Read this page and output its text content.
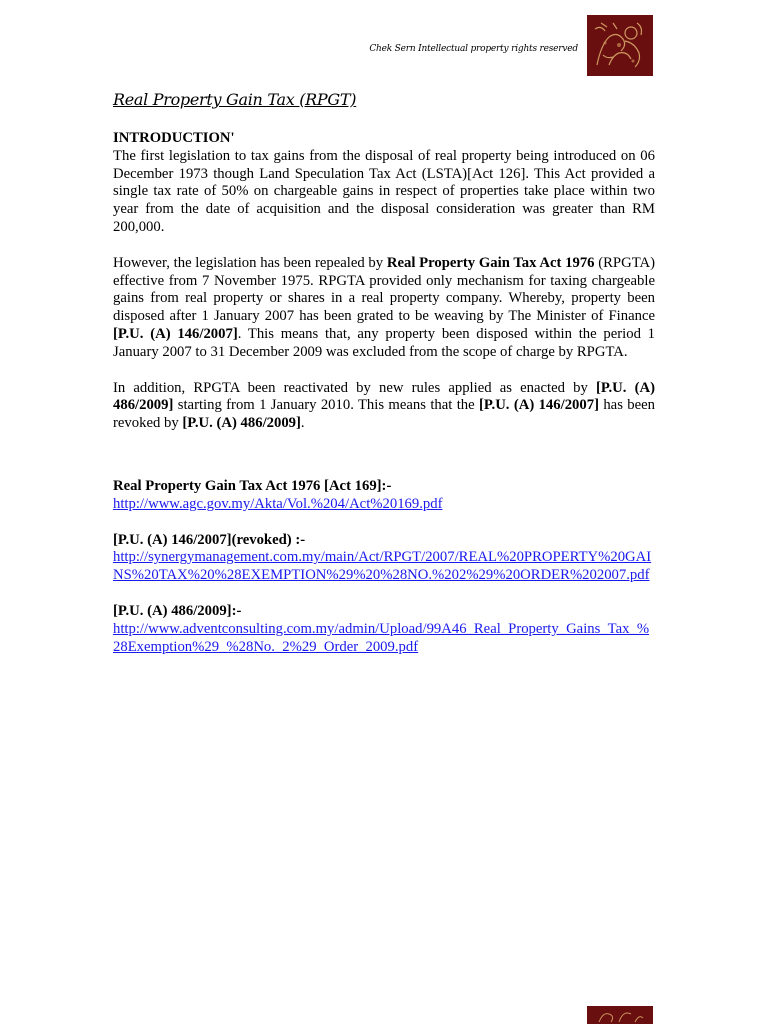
Chek Sern Intellectual property rights reserved
Real Property Gain Tax (RPGT)

INTRODUCTION'

The first legislation to tax gains from the disposal of real property being introduced on 06 December 1973 though Land Speculation Tax Act (LSTA)[Act 126]. This Act provided a single tax rate of 50% on chargeable gains in respect of properties take place within two year from the date of acquisition and the disposal consideration was greater than RM 200,000.

However, the legislation has been repealed by Real Property Gain Tax Act 1976 (RPGTA) effective from 7 November 1975. RPGTA provided only mechanism for taxing chargeable gains from real property or shares in a real property company. Whereby, property been disposed after 1 January 2007 has been grated to be weaving by The Minister of Finance [P.U. (A) 146/2007]. This means that, any property been disposed within the period 1 January 2007 to 31 December 2009 was excluded from the scope of charge by RPGTA.

In addition, RPGTA been reactivated by new rules applied as enacted by [P.U. (A) 486/2009] starting from 1 January 2010. This means that the [P.U. (A) 146/2007] has been revoked by [P.U. (A) 486/2009].

Real Property Gain Tax Act 1976 [Act 169]:-

http://www.agc.gov.my/Akta/Vol.%204/Act%20169.pdf

[P.U. (A) 146/2007](revoked) :-

http://synergymanagement.com.my/main/Act/RPGT/2007/REAL%20PROPERTY%20GAINS%20TAX%20%28EXEMPTION%29%20%28NO.%202%29%20ORDER%202007.pdf

[P.U. (A) 486/2009]:-

http://www.adventconsulting.com.my/admin/Upload/99A46_Real_Property_Gains_Tax_%28Exemption%29_%28No._2%29_Order_2009.pdf
